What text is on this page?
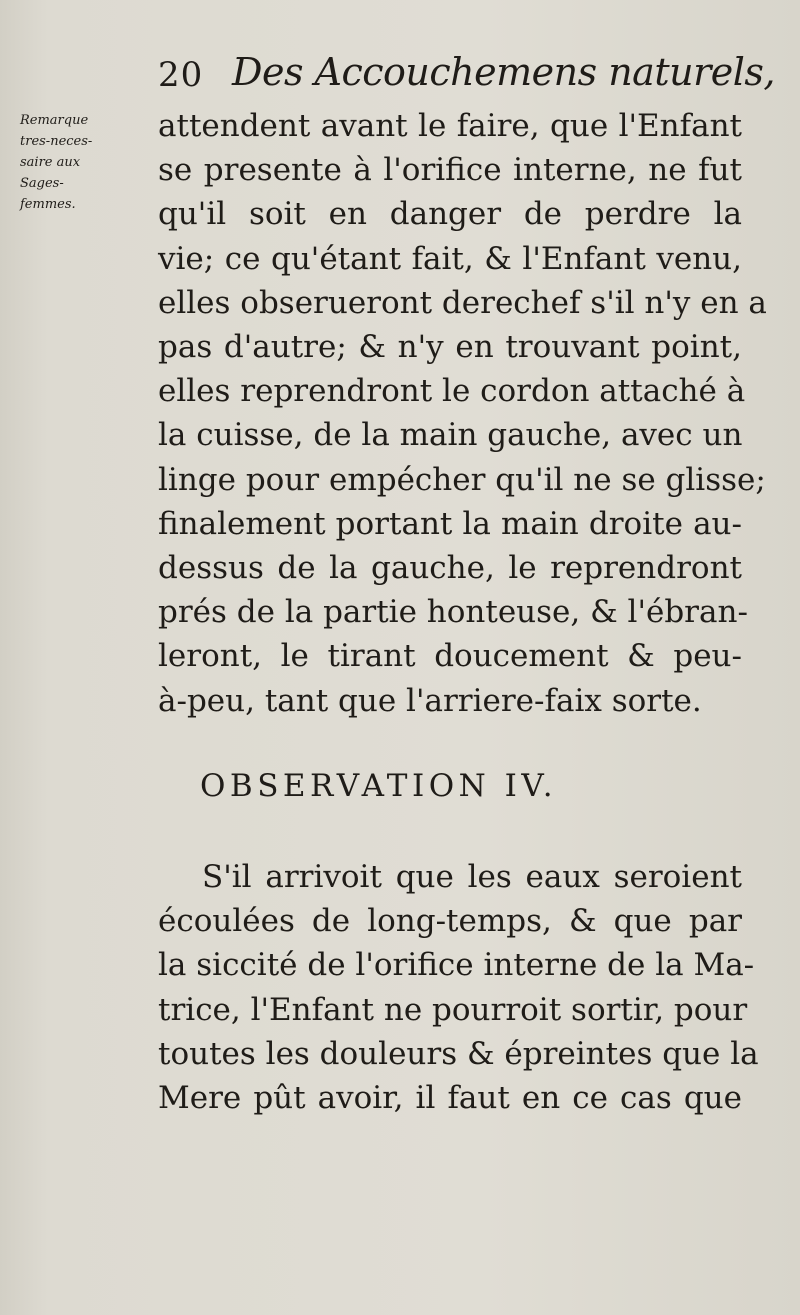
20 Des Accouchemens naturels,
Remarque
tres-neces-
saire aux
Sages-
femmes.
attendent avant le faire, que l'Enfant
se presente à l'orifice interne, ne fut
qu'il soit en danger de perdre la
vie; ce qu'étant fait, & l'Enfant venu,
elles obserueront derechef s'il n'y en a
pas d'autre; & n'y en trouvant point,
elles reprendront le cordon attaché à
la cuisse, de la main gauche, avec un
linge pour empécher qu'il ne se glisse;
finalement portant la main droite au-
dessus de la gauche, le reprendront
prés de la partie honteuse, & l'ébran-
leront, le tirant doucement & peu-
à-peu, tant que l'arriere-faix sorte.
OBSERVATION IV.
S'il arrivoit que les eaux seroient
écoulées de long-temps, & que par
la siccité de l'orifice interne de la Ma-
trice, l'Enfant ne pourroit sortir, pour
toutes les douleurs & épreintes que la
Mere pût avoir, il faut en ce cas que
